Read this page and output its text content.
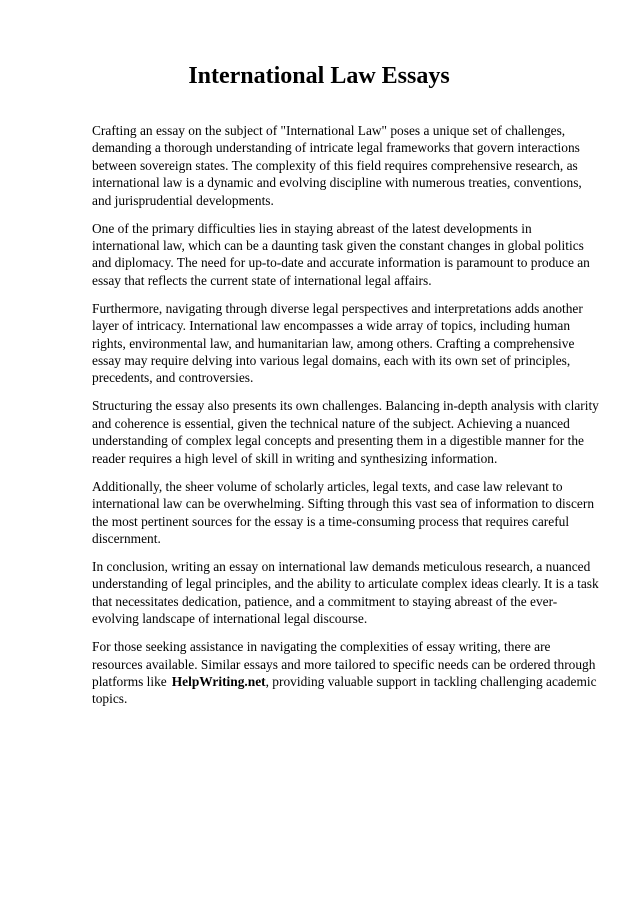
International Law Essays

Crafting an essay on the subject of "International Law" poses a unique set of challenges, demanding a thorough understanding of intricate legal frameworks that govern interactions between sovereign states. The complexity of this field requires comprehensive research, as international law is a dynamic and evolving discipline with numerous treaties, conventions, and jurisprudential developments.

One of the primary difficulties lies in staying abreast of the latest developments in international law, which can be a daunting task given the constant changes in global politics and diplomacy. The need for up-to-date and accurate information is paramount to produce an essay that reflects the current state of international legal affairs.

Furthermore, navigating through diverse legal perspectives and interpretations adds another layer of intricacy. International law encompasses a wide array of topics, including human rights, environmental law, and humanitarian law, among others. Crafting a comprehensive essay may require delving into various legal domains, each with its own set of principles, precedents, and controversies.

Structuring the essay also presents its own challenges. Balancing in-depth analysis with clarity and coherence is essential, given the technical nature of the subject. Achieving a nuanced understanding of complex legal concepts and presenting them in a digestible manner for the reader requires a high level of skill in writing and synthesizing information.

Additionally, the sheer volume of scholarly articles, legal texts, and case law relevant to international law can be overwhelming. Sifting through this vast sea of information to discern the most pertinent sources for the essay is a time-consuming process that requires careful discernment.

In conclusion, writing an essay on international law demands meticulous research, a nuanced understanding of legal principles, and the ability to articulate complex ideas clearly. It is a task that necessitates dedication, patience, and a commitment to staying abreast of the ever-evolving landscape of international legal discourse.

For those seeking assistance in navigating the complexities of essay writing, there are resources available. Similar essays and more tailored to specific needs can be ordered through platforms like HelpWriting.net, providing valuable support in tackling challenging academic topics.
